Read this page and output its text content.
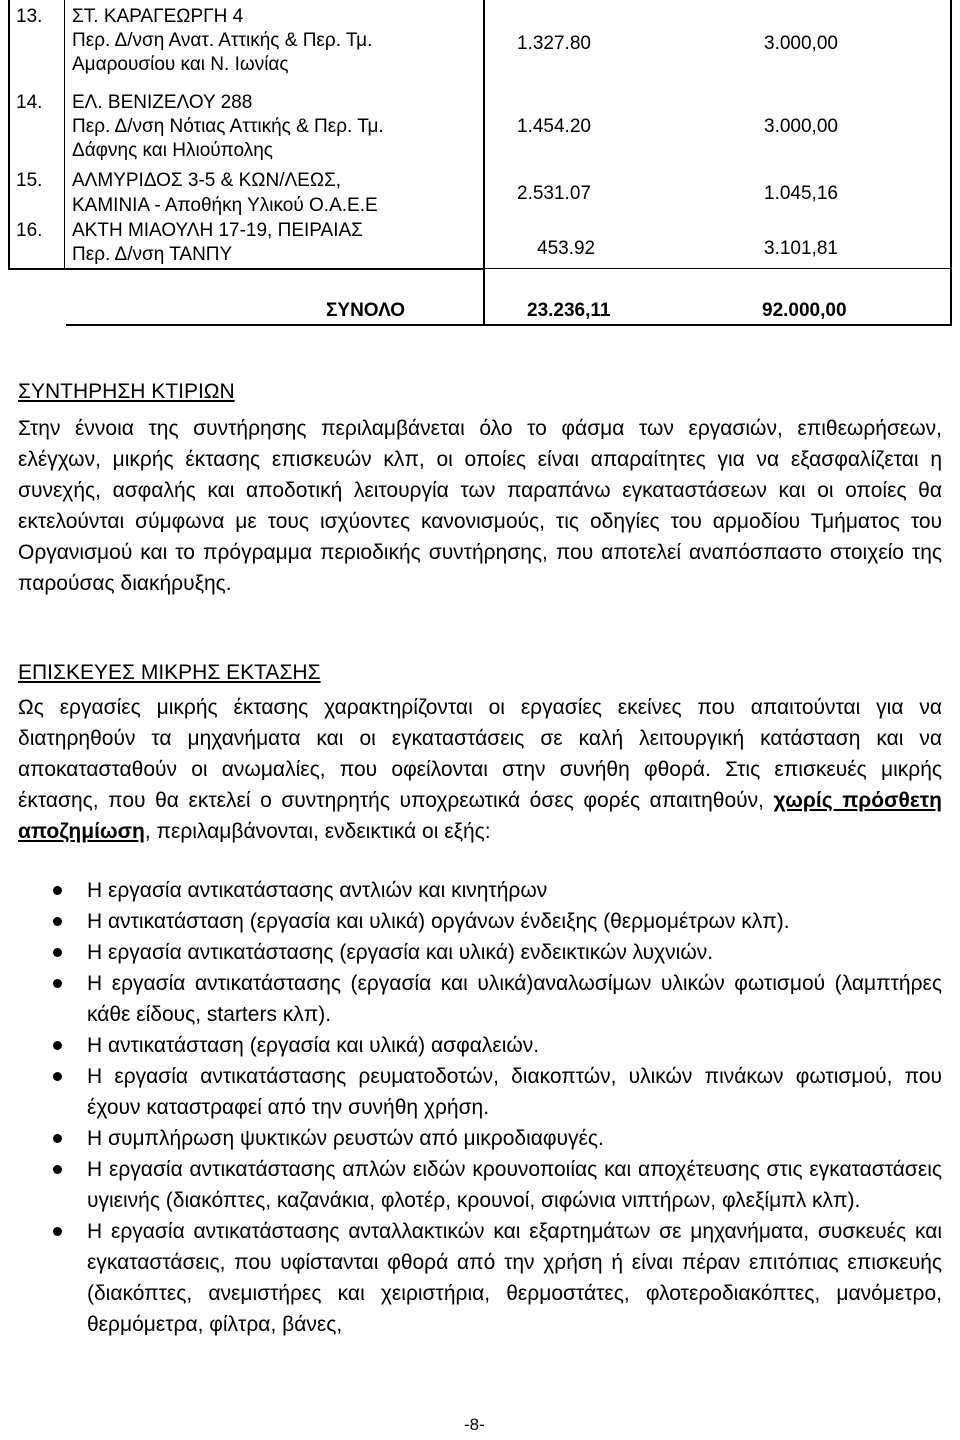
13. ΣΤ. ΚΑΡΑΓΕΩΡΓΗ 4
Περ. Δ/νση Ανατ. Αττικής & Περ. Τμ.
Αμαρουσίου και Ν. Ιωνίας
1.327.80	3.000,00
14. ΕΛ. ΒΕΝΙΖΕΛΟΥ 288
Περ. Δ/νση Νότιας Αττικής & Περ. Τμ.
Δάφνης και Ηλιούπολης
1.454.20	3.000,00
15. ΑΛΜΥΡΙΔΟΣ 3-5 & ΚΩΝ/ΛΕΩΣ,
ΚΑΜΙΝΙΑ - Αποθήκη Υλικού Ο.Α.Ε.Ε
2.531.07	1.045,16
16. ΑΚΤΗ ΜΙΑΟΥΛΗ 17-19, ΠΕΙΡΑΙΑΣ
Περ. Δ/νση ΤΑΝΠΥ	453.92	3.101,81
ΣΥΝΟΛΟ	23.236,11	92.000,00
ΣΥΝΤΗΡΗΣΗ ΚΤΙΡΙΩΝ
Στην έννοια της συντήρησης περιλαμβάνεται όλο το φάσμα των εργασιών, επιθεωρήσεων, ελέγχων, μικρής έκτασης επισκευών κλπ, οι οποίες είναι απαραίτητες για να εξασφαλίζεται η συνεχής, ασφαλής και αποδοτική λειτουργία των παραπάνω εγκαταστάσεων και οι οποίες θα εκτελούνται σύμφωνα με τους ισχύοντες κανονισμούς, τις οδηγίες του αρμοδίου Τμήματος του Οργανισμού και το πρόγραμμα περιοδικής συντήρησης, που αποτελεί αναπόσπαστο στοιχείο της παρούσας διακήρυξης.
ΕΠΙΣΚΕΥΕΣ ΜΙΚΡΗΣ ΕΚΤΑΣΗΣ
Ως εργασίες μικρής έκτασης χαρακτηρίζονται οι εργασίες εκείνες που απαιτούνται για να διατηρηθούν τα μηχανήματα και οι εγκαταστάσεις σε καλή λειτουργική κατάσταση και να αποκατασταθούν οι ανωμαλίες, που οφείλονται στην συνήθη φθορά. Στις επισκευές μικρής έκτασης, που θα εκτελεί ο συντηρητής υποχρεωτικά όσες φορές απαιτηθούν, χωρίς πρόσθετη αποζημίωση, περιλαμβάνονται, ενδεικτικά οι εξής:
Η εργασία αντικατάστασης αντλιών και κινητήρων
Η αντικατάσταση (εργασία και υλικά) οργάνων ένδειξης (θερμομέτρων κλπ).
Η εργασία αντικατάστασης (εργασία και υλικά) ενδεικτικών λυχνιών.
Η εργασία αντικατάστασης (εργασία και υλικά)αναλωσίμων υλικών φωτισμού (λαμπτήρες κάθε είδους, starters κλπ).
Η αντικατάσταση (εργασία και υλικά) ασφαλειών.
Η εργασία αντικατάστασης ρευματοδοτών, διακοπτών, υλικών πινάκων φωτισμού, που έχουν καταστραφεί από την συνήθη χρήση.
Η συμπλήρωση ψυκτικών ρευστών από μικροδιαφυγές.
Η εργασία αντικατάστασης απλών ειδών κρουνοποιίας και αποχέτευσης στις εγκαταστάσεις υγιεινής (διακόπτες, καζανάκια, φλοτέρ, κρουνοί, σιφώνια νιπτήρων, φλεξίμπλ κλπ).
Η εργασία αντικατάστασης ανταλλακτικών και εξαρτημάτων σε μηχανήματα, συσκευές και εγκαταστάσεις, που υφίστανται φθορά από την χρήση ή είναι πέραν επιτόπιας επισκευής (διακόπτες, ανεμιστήρες και χειριστήρια, θερμοστάτες, φλοτεροδιακόπτες, μανόμετρο, θερμόμετρα, φίλτρα, βάνες,
-8-
